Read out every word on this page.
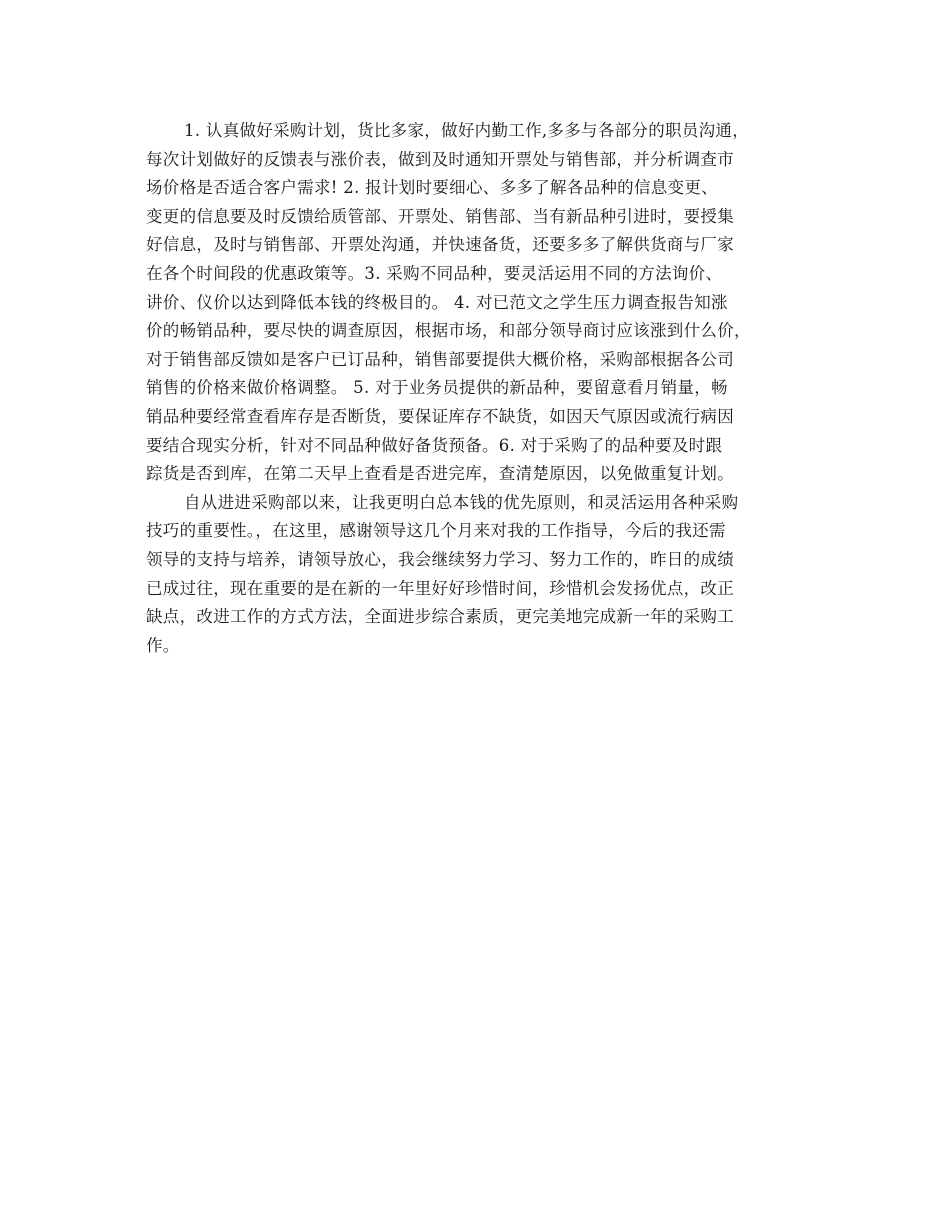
1. 认真做好采购计划，货比多家，做好内勤工作,多多与各部分的职员沟通，
每次计划做好的反馈表与涨价表，做到及时通知开票处与销售部，并分析调查市
场价格是否适合客户需求! 2. 报计划时要细心、多多了解各品种的信息变更、
变更的信息要及时反馈给质管部、开票处、销售部、当有新品种引进时，要授集
好信息，及时与销售部、开票处沟通，并快速备货，还要多多了解供货商与厂家
在各个时间段的优惠政策等。3. 采购不同品种，要灵活运用不同的方法询价、
讲价、仪价以达到降低本钱的终极目的。 4. 对已范文之学生压力调查报告知涨
价的畅销品种，要尽快的调查原因，根据市场，和部分领导商讨应该涨到什么价，
对于销售部反馈如是客户已订品种，销售部要提供大概价格，采购部根据各公司
销售的价格来做价格调整。 5. 对于业务员提供的新品种，要留意看月销量，畅
销品种要经常查看库存是否断货，要保证库存不缺货，如因天气原因或流行病因
要结合现实分析，针对不同品种做好备货预备。6. 对于采购了的品种要及时跟
踪货是否到库，在第二天早上查看是否进完库，查清楚原因，以免做重复计划。

自从进进采购部以来，让我更明白总本钱的优先原则，和灵活运用各种采购
技巧的重要性。，在这里，感谢领导这几个月来对我的工作指导，今后的我还需
领导的支持与培养，请领导放心，我会继续努力学习、努力工作的，昨日的成绩
已成过往，现在重要的是在新的一年里好好珍惜时间，珍惜机会发扬优点，改正
缺点，改进工作的方式方法，全面进步综合素质，更完美地完成新一年的采购工
作。
